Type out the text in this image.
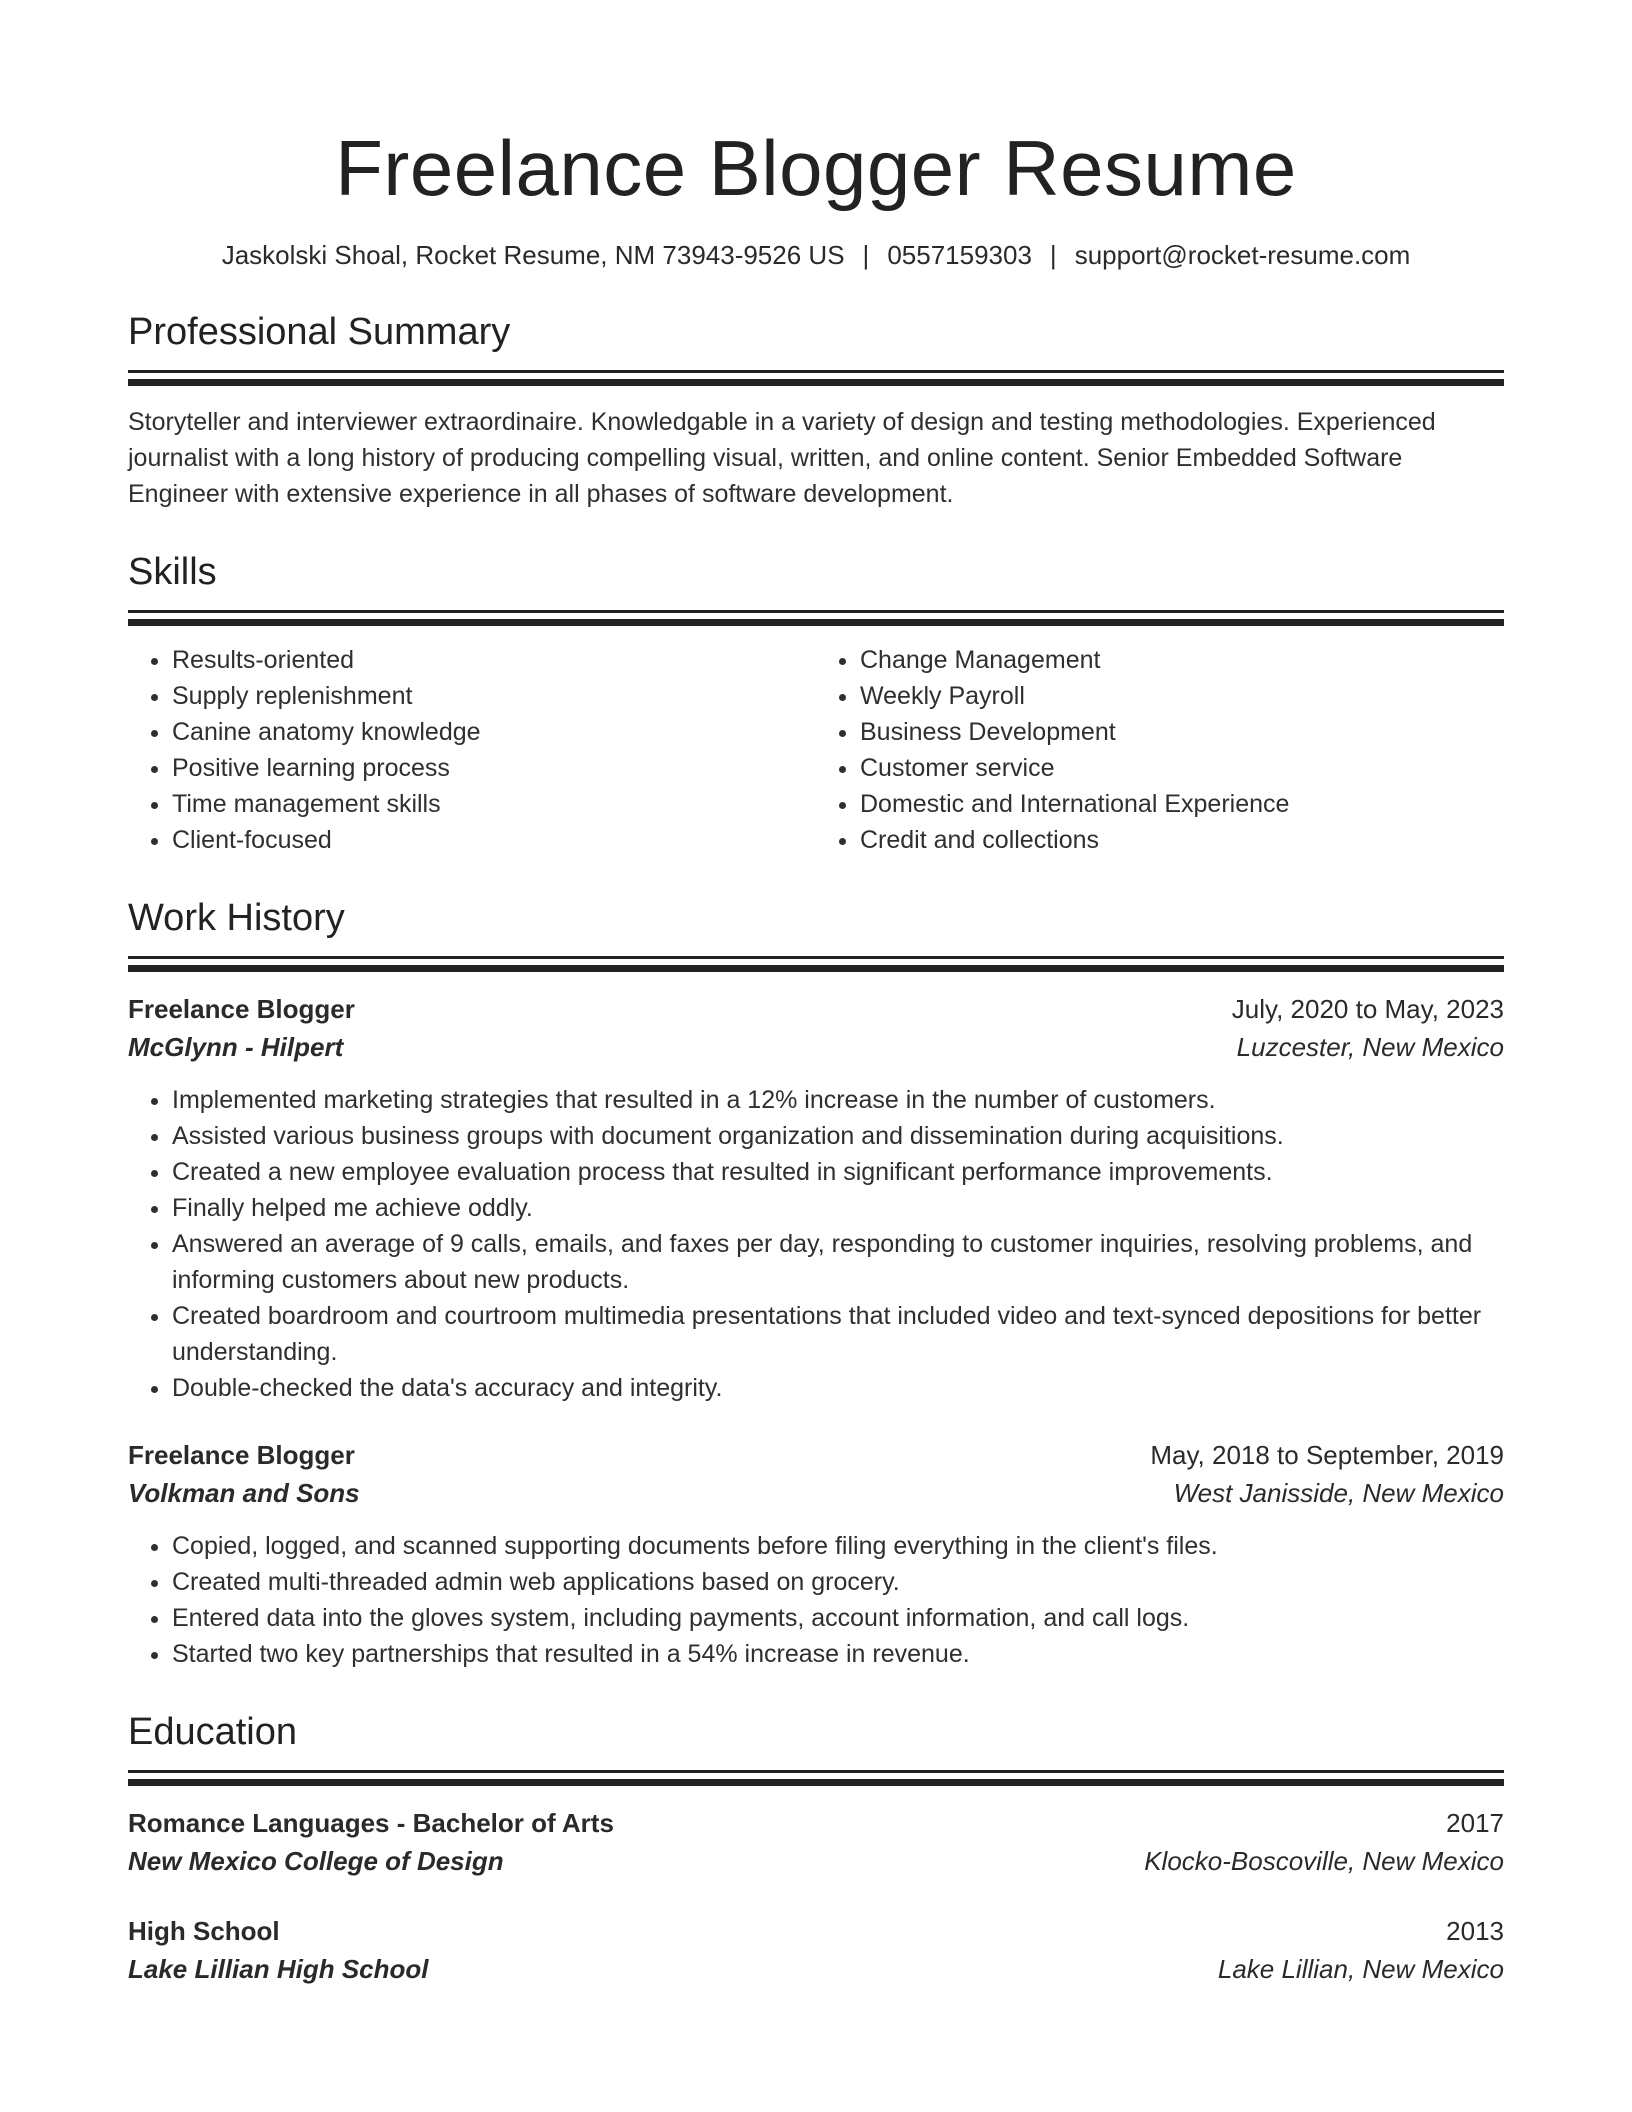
Freelance Blogger Resume
Jaskolski Shoal, Rocket Resume, NM 73943-9526 US | 0557159303 | support@rocket-resume.com
Professional Summary

Storyteller and interviewer extraordinaire. Knowledgable in a variety of design and testing methodologies. Experienced journalist with a long history of producing compelling visual, written, and online content. Senior Embedded Software Engineer with extensive experience in all phases of software development.

Skills
• Results-oriented
• Supply replenishment
• Canine anatomy knowledge
• Positive learning process
• Time management skills
• Client-focused
• Change Management
• Weekly Payroll
• Business Development
• Customer service
• Domestic and International Experience
• Credit and collections
Work History
Freelance Blogger	July, 2020 to May, 2023
McGlynn - Hilpert	Luzcester, New Mexico
• Implemented marketing strategies that resulted in a 12% increase in the number of customers.
• Assisted various business groups with document organization and dissemination during acquisitions.
• Created a new employee evaluation process that resulted in significant performance improvements.
• Finally helped me achieve oddly.
• Answered an average of 9 calls, emails, and faxes per day, responding to customer inquiries, resolving problems, and informing customers about new products.
• Created boardroom and courtroom multimedia presentations that included video and text-synced depositions for better understanding.
• Double-checked the data's accuracy and integrity.
Freelance Blogger	May, 2018 to September, 2019
Volkman and Sons	West Janisside, New Mexico
• Copied, logged, and scanned supporting documents before filing everything in the client's files.
• Created multi-threaded admin web applications based on grocery.
• Entered data into the gloves system, including payments, account information, and call logs.
• Started two key partnerships that resulted in a 54% increase in revenue.
Education
Romance Languages - Bachelor of Arts	2017
New Mexico College of Design	Klocko-Boscoville, New Mexico
High School	2013
Lake Lillian High School	Lake Lillian, New Mexico
